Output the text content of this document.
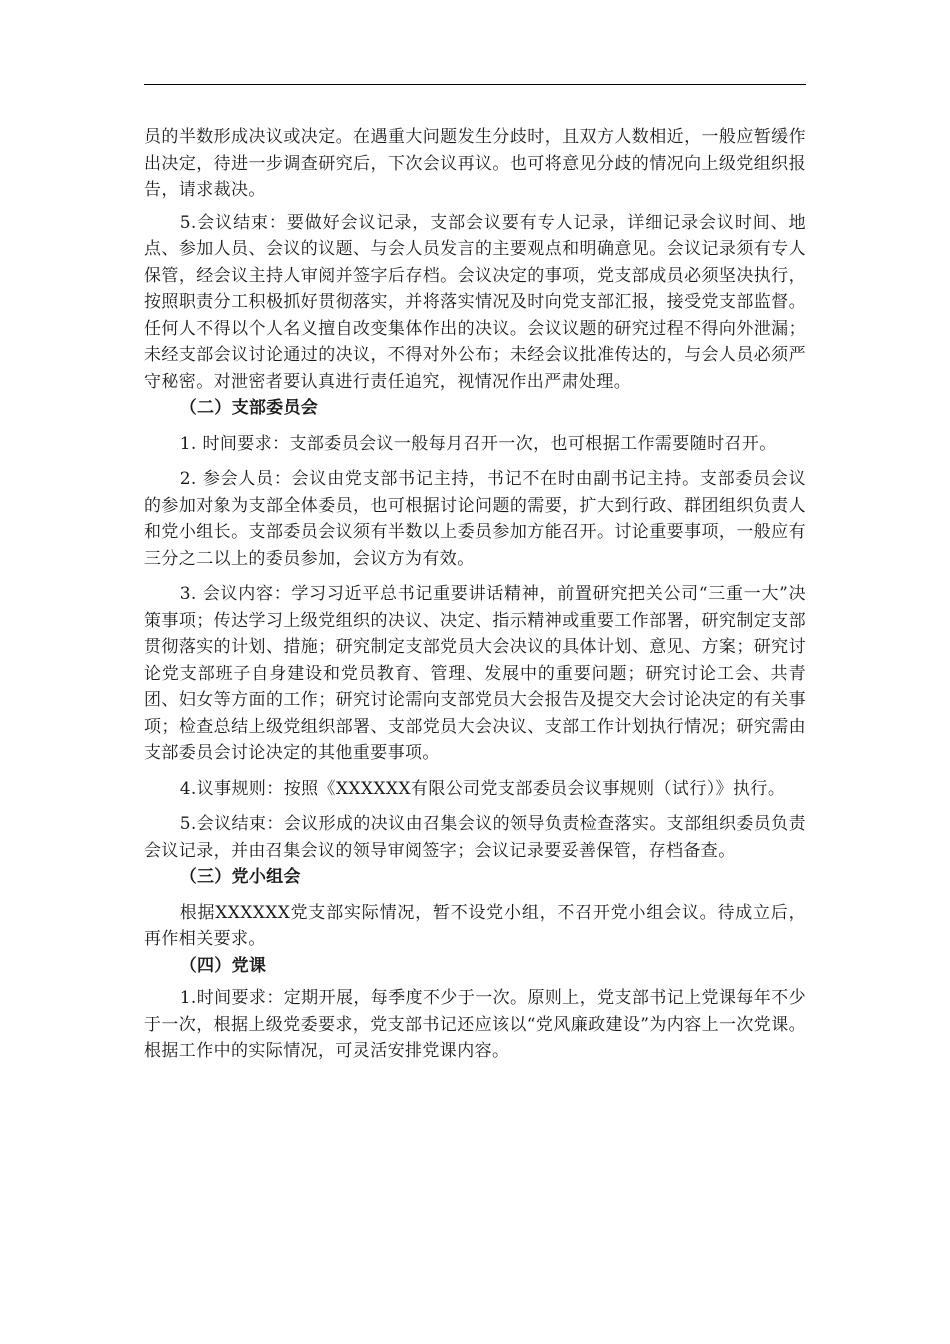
员的半数形成决议或决定。在遇重大问题发生分歧时，且双方人数相近，一般应暂缓作出决定，待进一步调查研究后，下次会议再议。也可将意见分歧的情况向上级党组织报告，请求裁决。

5.会议结束：要做好会议记录，支部会议要有专人记录，详细记录会议时间、地点、参加人员、会议的议题、与会人员发言的主要观点和明确意见。会议记录须有专人保管，经会议主持人审阅并签字后存档。会议决定的事项，党支部成员必须坚决执行，按照职责分工积极抓好贯彻落实，并将落实情况及时向党支部汇报，接受党支部监督。任何人不得以个人名义擅自改变集体作出的决议。会议议题的研究过程不得向外泄漏；未经支部会议讨论通过的决议，不得对外公布；未经会议批准传达的，与会人员必须严守秘密。对泄密者要认真进行责任追究，视情况作出严肃处理。

（二）支部委员会

1. 时间要求：支部委员会议一般每月召开一次，也可根据工作需要随时召开。

2. 参会人员：会议由党支部书记主持，书记不在时由副书记主持。支部委员会议的参加对象为支部全体委员，也可根据讨论问题的需要，扩大到行政、群团组织负责人和党小组长。支部委员会议须有半数以上委员参加方能召开。讨论重要事项，一般应有三分之二以上的委员参加，会议方为有效。

3. 会议内容：学习习近平总书记重要讲话精神，前置研究把关公司“三重一大”决策事项；传达学习上级党组织的决议、决定、指示精神或重要工作部署，研究制定支部贯彻落实的计划、措施；研究制定支部党员大会决议的具体计划、意见、方案；研究讨论党支部班子自身建设和党员教育、管理、发展中的重要问题；研究讨论工会、共青团、妇女等方面的工作；研究讨论需向支部党员大会报告及提交大会讨论决定的有关事项；检查总结上级党组织部署、支部党员大会决议、支部工作计划执行情况；研究需由支部委员会讨论决定的其他重要事项。

4.议事规则：按照《XXXXXX有限公司党支部委员会议事规则（试行）》执行。

5.会议结束：会议形成的决议由召集会议的领导负责检查落实。支部组织委员负责会议记录，并由召集会议的领导审阅签字；会议记录要妥善保管，存档备查。

（三）党小组会

根据XXXXXX党支部实际情况，暂不设党小组，不召开党小组会议。待成立后，再作相关要求。

（四）党课

1.时间要求：定期开展，每季度不少于一次。原则上，党支部书记上党课每年不少于一次，根据上级党委要求，党支部书记还应该以“党风廉政建设”为内容上一次党课。根据工作中的实际情况，可灵活安排党课内容。
